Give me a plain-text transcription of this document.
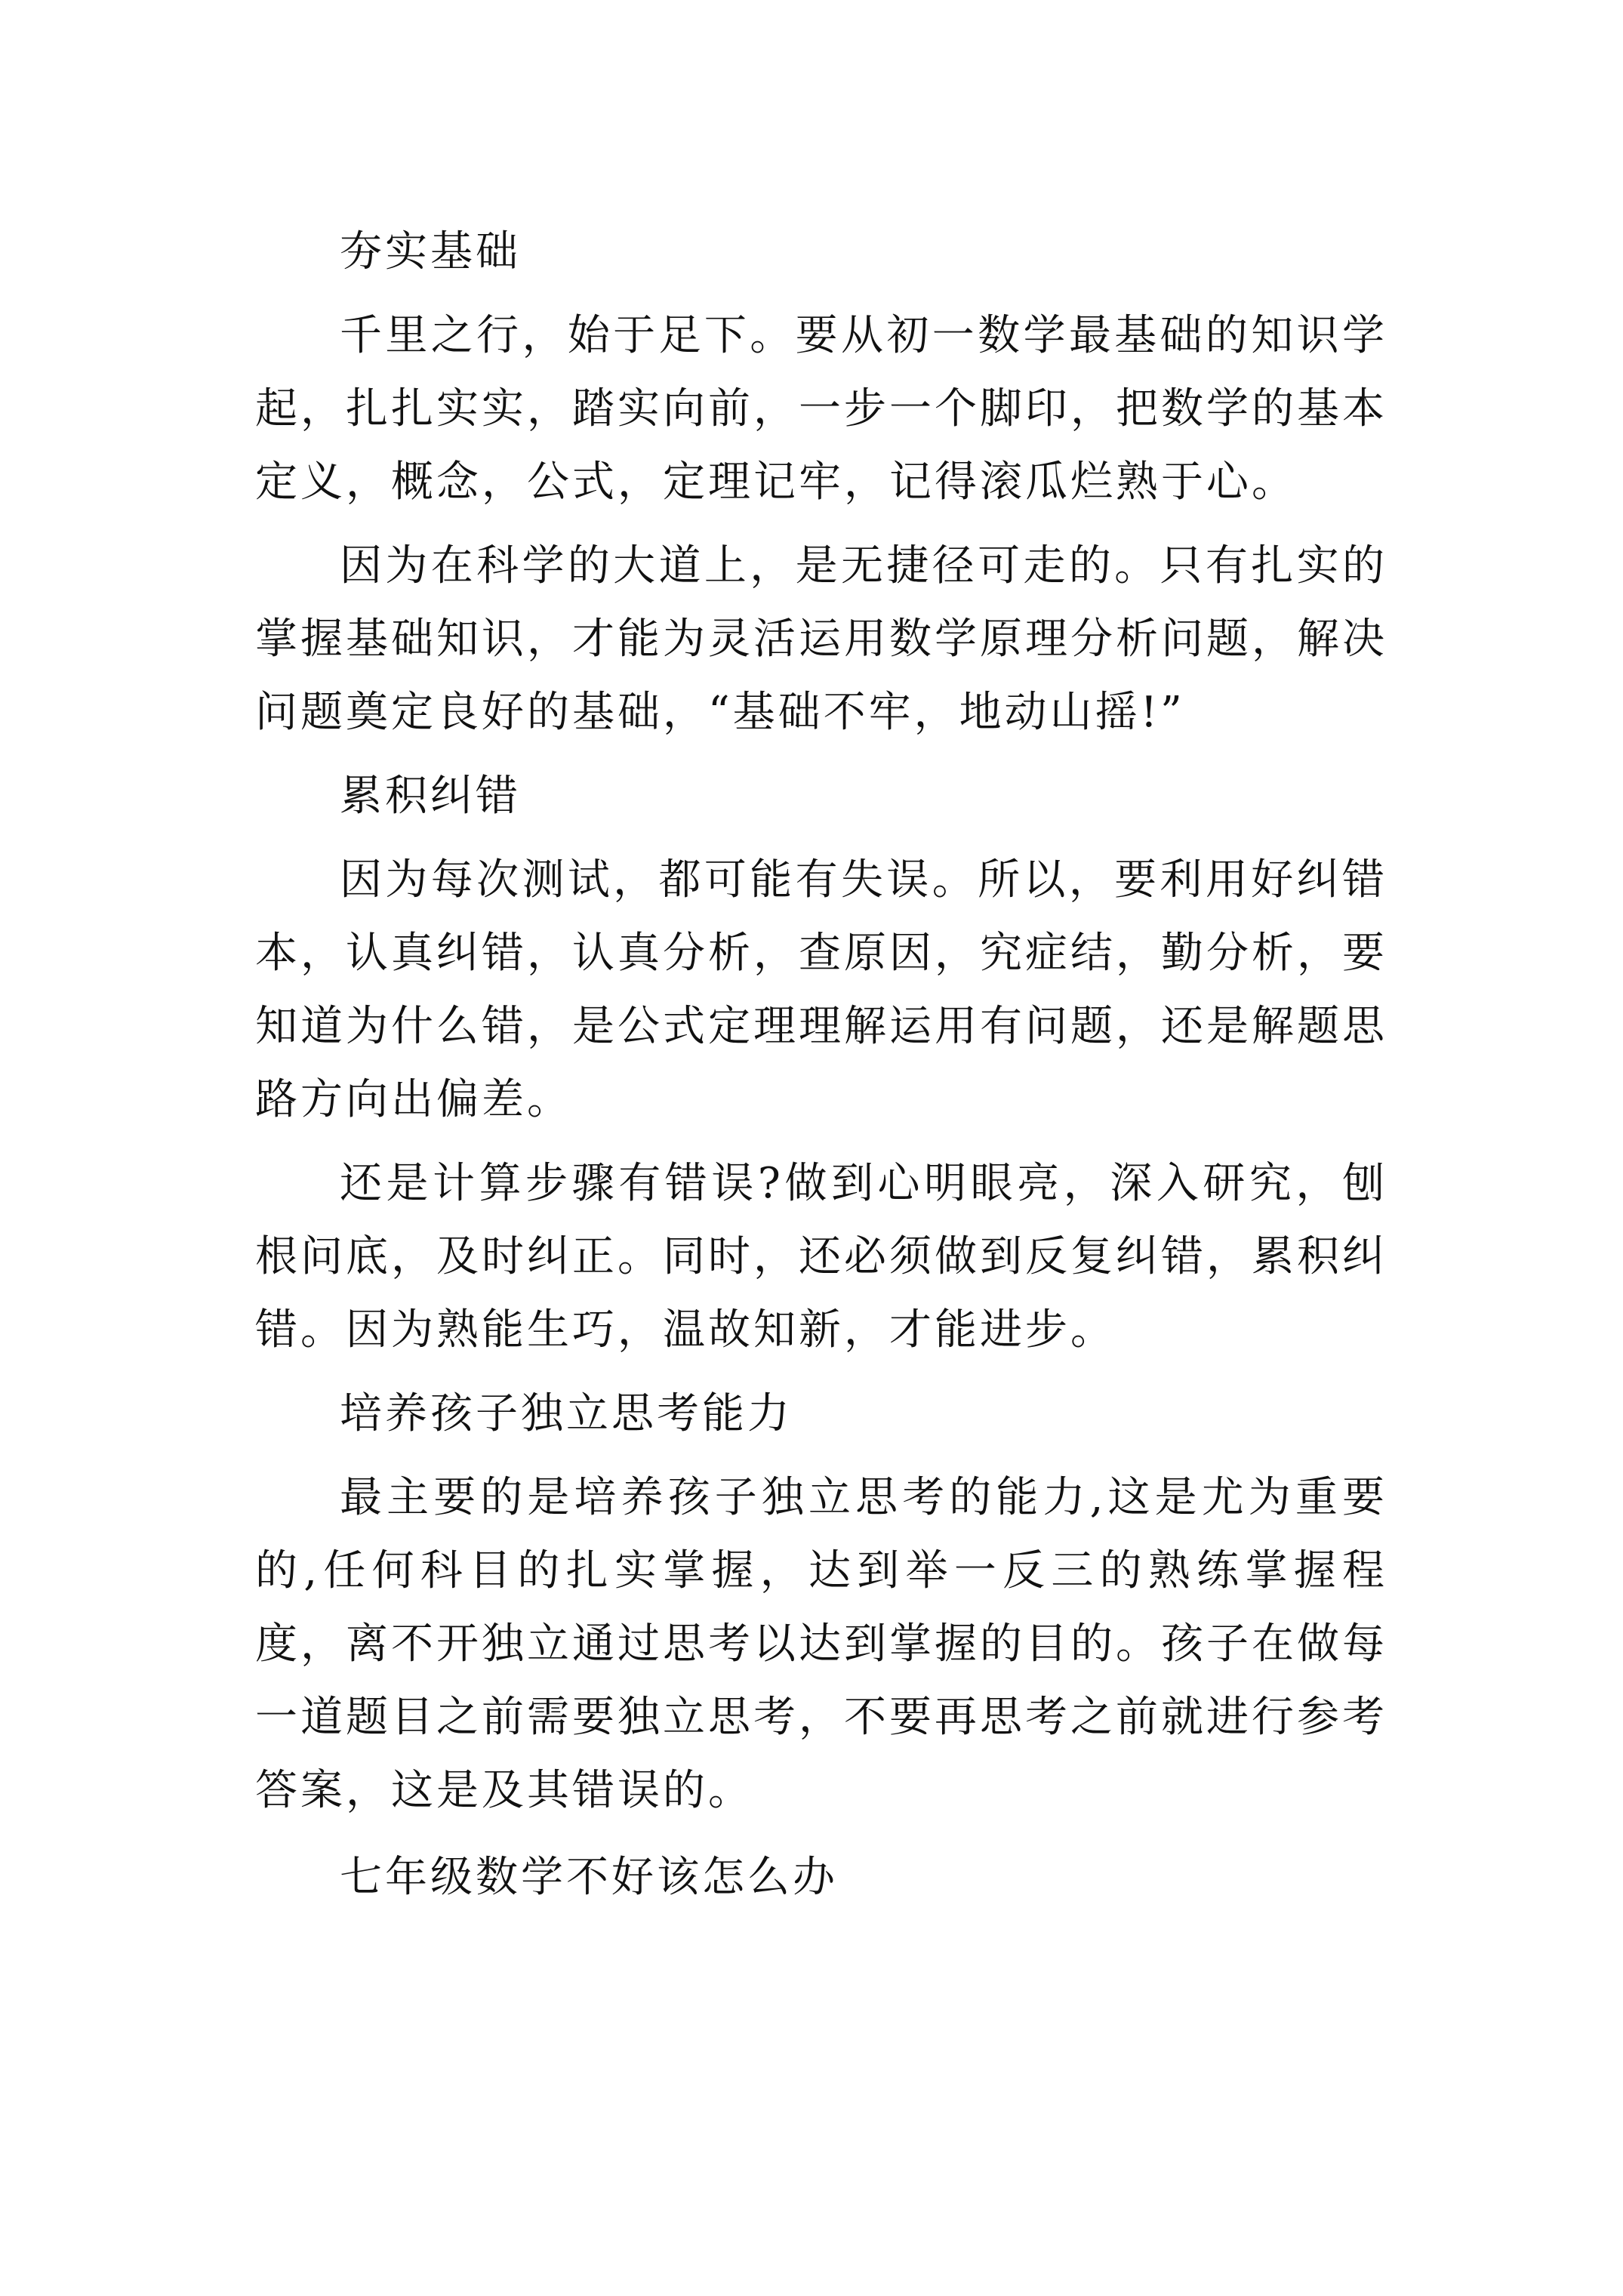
夯实基础

千里之行，始于足下。要从初一数学最基础的知识学起，扎扎实实，踏实向前，一步一个脚印，把数学的基本定义，概念，公式，定理记牢，记得滚瓜烂熟于心。

因为在科学的大道上，是无捷径可走的。只有扎实的掌握基础知识，才能为灵活运用数学原理分析问题，解决问题奠定良好的基础，“基础不牢，地动山摇!”

累积纠错

因为每次测试，都可能有失误。所以，要利用好纠错本，认真纠错，认真分析，查原因，究症结，勤分析，要知道为什么错，是公式定理理解运用有问题，还是解题思路方向出偏差。

还是计算步骤有错误?做到心明眼亮，深入研究，刨根问底，及时纠正。同时，还必须做到反复纠错，累积纠错。因为熟能生巧，温故知新，才能进步。

培养孩子独立思考能力

最主要的是培养孩子独立思考的能力,这是尤为重要的,任何科目的扎实掌握，达到举一反三的熟练掌握程度，离不开独立通过思考以达到掌握的目的。孩子在做每一道题目之前需要独立思考，不要再思考之前就进行参考答案，这是及其错误的。

七年级数学不好该怎么办
